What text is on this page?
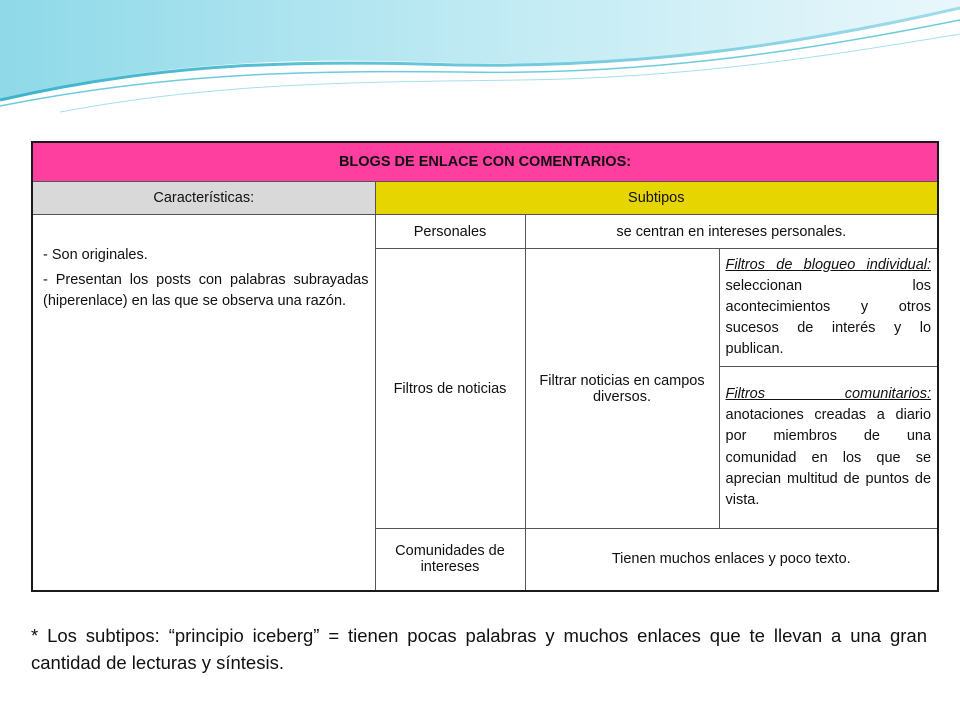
BLOGS DE ENLACE CON COMENTARIOS:			
Características:	Subtipos		

- Son originales.

- Presentan los posts con palabras subrayadas (hiperenlace) en las que se observa una razón.	Personales	se centran en intereses personales.	
	Filtros de noticias	Filtrar noticias en campos diversos.	Filtros de blogueo individual: seleccionan los acontecimientos y otros sucesos de interés y lo publican.
			Filtros comunitarios: anotaciones creadas a diario por miembros de una comunidad en los que se aprecian multitud de puntos de vista.
	Comunidades de intereses	Tienen muchos enlaces y poco texto.	
* Los subtipos: “principio iceberg” = tienen pocas palabras y muchos enlaces que te llevan a una gran cantidad de lecturas y síntesis.
